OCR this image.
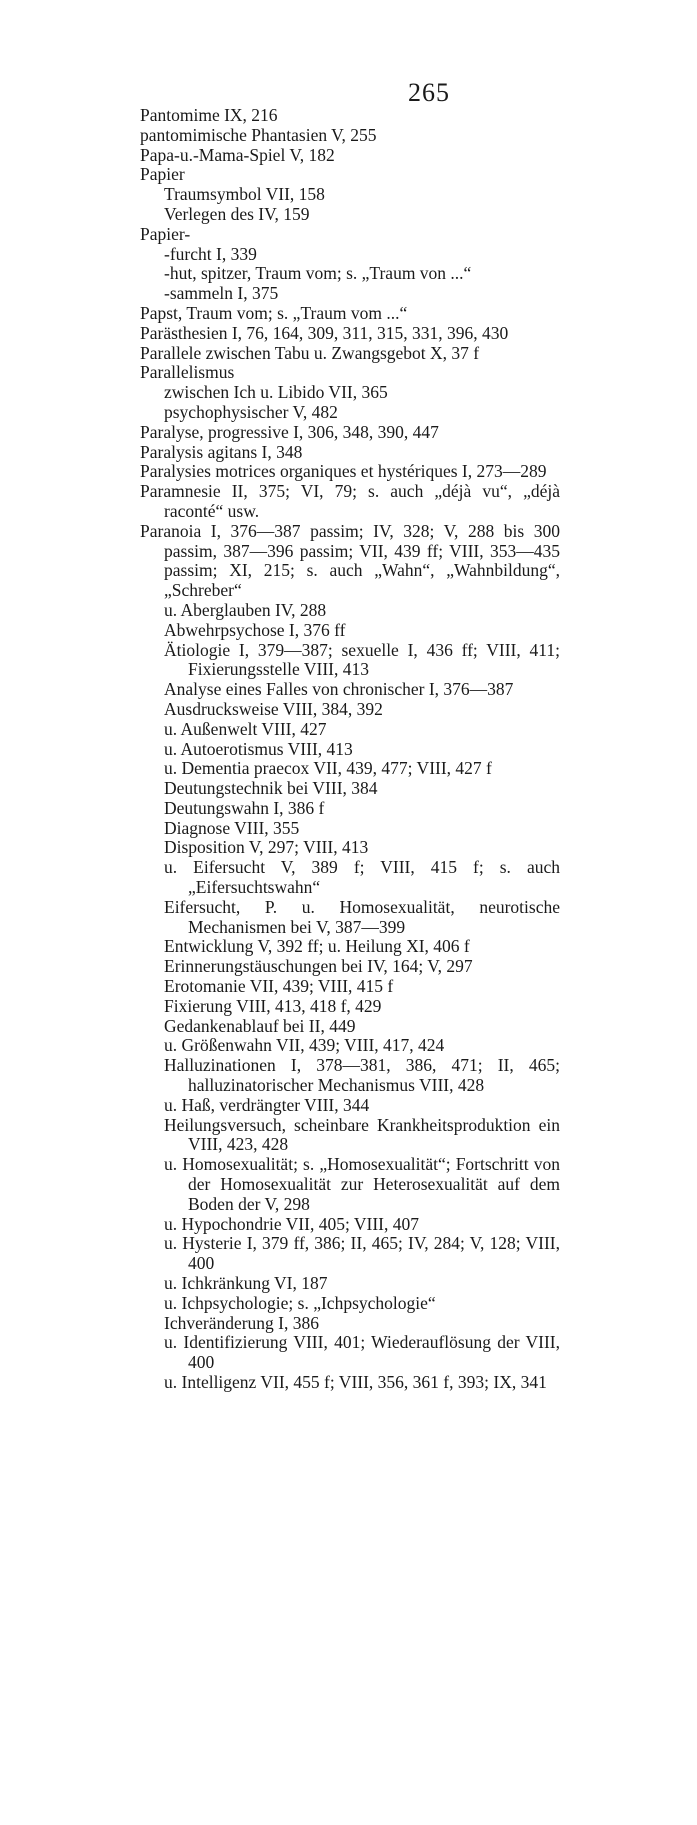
265
Pantomime IX, 216
pantomimische Phantasien V, 255
Papa-u.-Mama-Spiel V, 182
Papier
Traumsymbol VII, 158
Verlegen des IV, 159
Papier-
-furcht I, 339
-hut, spitzer, Traum vom; s. „Traum von ...“
-sammeln I, 375
Papst, Traum vom; s. „Traum vom ...“
Parästhesien I, 76, 164, 309, 311, 315, 331, 396, 430
Parallele zwischen Tabu u. Zwangsgebot X, 37 f
Parallelismus
zwischen Ich u. Libido VII, 365
psychophysischer V, 482
Paralyse, progressive I, 306, 348, 390, 447
Paralysis agitans I, 348
Paralysies motrices organiques et hystériques I, 273—289
Paramnesie II, 375; VI, 79; s. auch „déjà vu“, „déjà raconté“ usw.
Paranoia I, 376—387 passim; IV, 328; V, 288 bis 300 passim, 387—396 passim; VII, 439 ff; VIII, 353—435 passim; XI, 215; s. auch „Wahn“, „Wahnbildung“, „Schreber“
u. Aberglauben IV, 288
Abwehrpsychose I, 376 ff
Ätiologie I, 379—387; sexuelle I, 436 ff; VIII, 411; Fixierungsstelle VIII, 413
Analyse eines Falles von chronischer I, 376—387
Ausdrucksweise VIII, 384, 392
u. Außenwelt VIII, 427
u. Autoerotismus VIII, 413
u. Dementia praecox VII, 439, 477; VIII, 427 f
Deutungstechnik bei VIII, 384
Deutungswahn I, 386 f
Diagnose VIII, 355
Disposition V, 297; VIII, 413
u. Eifersucht V, 389 f; VIII, 415 f; s. auch „Eifersuchtswahn“
Eifersucht, P. u. Homosexualität, neurotische Mechanismen bei V, 387—399
Entwicklung V, 392 ff; u. Heilung XI, 406 f
Erinnerungstäuschungen bei IV, 164; V, 297
Erotomanie VII, 439; VIII, 415 f
Fixierung VIII, 413, 418 f, 429
Gedankenablauf bei II, 449
u. Größenwahn VII, 439; VIII, 417, 424
Halluzinationen I, 378—381, 386, 471; II, 465; halluzinatorischer Mechanismus VIII, 428
u. Haß, verdrängter VIII, 344
Heilungsversuch, scheinbare Krankheitsproduktion ein VIII, 423, 428
u. Homosexualität; s. „Homosexualität“; Fortschritt von der Homosexualität zur Heterosexualität auf dem Boden der V, 298
u. Hypochondrie VII, 405; VIII, 407
u. Hysterie I, 379 ff, 386; II, 465; IV, 284; V, 128; VIII, 400
u. Ichkränkung VI, 187
u. Ichpsychologie; s. „Ichpsychologie“
Ichveränderung I, 386
u. Identifizierung VIII, 401; Wiederauflösung der VIII, 400
u. Intelligenz VII, 455 f; VIII, 356, 361 f, 393; IX, 341
